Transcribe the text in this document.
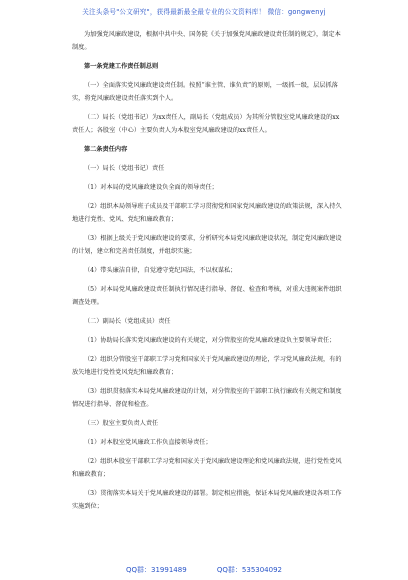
关注头条号"公文研究"，获得最新最全最专业的公文资料库！ 微信：gongwenyj
为加强党风廉政建设，根据中共中央、国务院《关于加强党风廉政建设责任制的规定》，制定本制度。
第一条党建工作责任制总则
（一）全面落实党风廉政建设责任制。按照“谁主管、谁负责”的原则，一级抓一级，层层抓落实，将党风廉政建设责任落实到个人。
（二）局长（党组书记）为xx责任人，副局长（党组成员）为其所分管股室党风廉政建设的xx责任人；各股室（中心）主要负责人为本股室党风廉政建设的xx责任人。
第二条责任内容
（一）局长（党组书记）责任
（1）对本局的党风廉政建设负全面的领导责任；
（2）组织本局领导班子成员及干部职工学习贯彻党和国家党风廉政建设的政策法规，深入持久地进行党性、党风、党纪和廉政教育；
（3）根据上级关于党风廉政建设的要求，分析研究本局党风廉政建设状况，制定党风廉政建设的计划，建立和完善责任制度，并组织实施；
（4）带头廉洁自律，自觉遵守党纪国法，不以权谋私；
（5）对本局党风廉政建设责任制执行情况进行指导、督促、检查和考核，对重大违规案件组织调查处理。
（二）副局长（党组成员）责任
（1）协助局长落实党风廉政建设的有关规定，对分管股室的党风廉政建设负主要领导责任；
（2）组织分管股室干部职工学习党和国家关于党风廉政建设的理论，学习党风廉政法规，有的放矢地进行党性党风党纪和廉政教育；
（3）组织贯彻落实本局党风廉政建设的计划，对分管股室的干部职工执行廉政有关规定和制度情况进行指导、督促和检查。
（三）股室主要负责人责任
（1）对本股室党风廉政工作负直接领导责任；
（2）组织本股室干部职工学习党和国家关于党风廉政建设理论和党风廉政法规，进行党性党风和廉政教育；
（3）贯彻落实本局关于党风廉政建设的部署。制定相应措施，保证本局党风廉政建设各项工作实施到位；
QQ群：31991489	QQ群：535304092
